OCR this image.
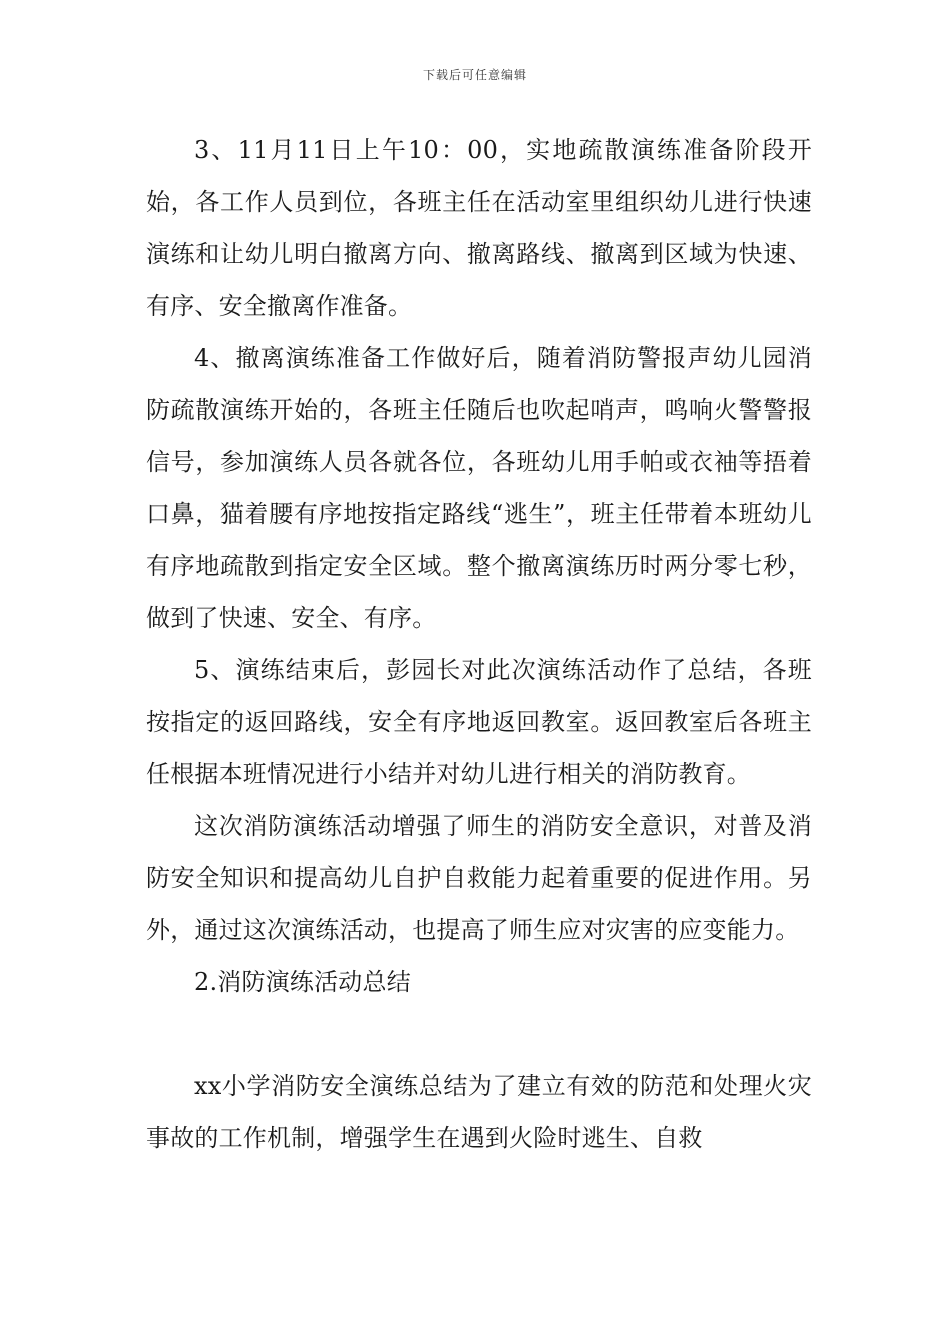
下载后可任意编辑

3、11月11日上午10：00，实地疏散演练准备阶段开始，各工作人员到位，各班主任在活动室里组织幼儿进行快速演练和让幼儿明白撤离方向、撤离路线、撤离到区域为快速、有序、安全撤离作准备。

4、撤离演练准备工作做好后，随着消防警报声幼儿园消防疏散演练开始的，各班主任随后也吹起哨声，鸣响火警警报信号，参加演练人员各就各位，各班幼儿用手帕或衣袖等捂着口鼻，猫着腰有序地按指定路线“逃生”，班主任带着本班幼儿有序地疏散到指定安全区域。整个撤离演练历时两分零七秒，做到了快速、安全、有序。

5、演练结束后，彭园长对此次演练活动作了总结，各班按指定的返回路线，安全有序地返回教室。返回教室后各班主任根据本班情况进行小结并对幼儿进行相关的消防教育。

这次消防演练活动增强了师生的消防安全意识，对普及消防安全知识和提高幼儿自护自救能力起着重要的促进作用。另外，通过这次演练活动，也提高了师生应对灾害的应变能力。

2.消防演练活动总结

xx小学消防安全演练总结为了建立有效的防范和处理火灾事故的工作机制，增强学生在遇到火险时逃生、自救
